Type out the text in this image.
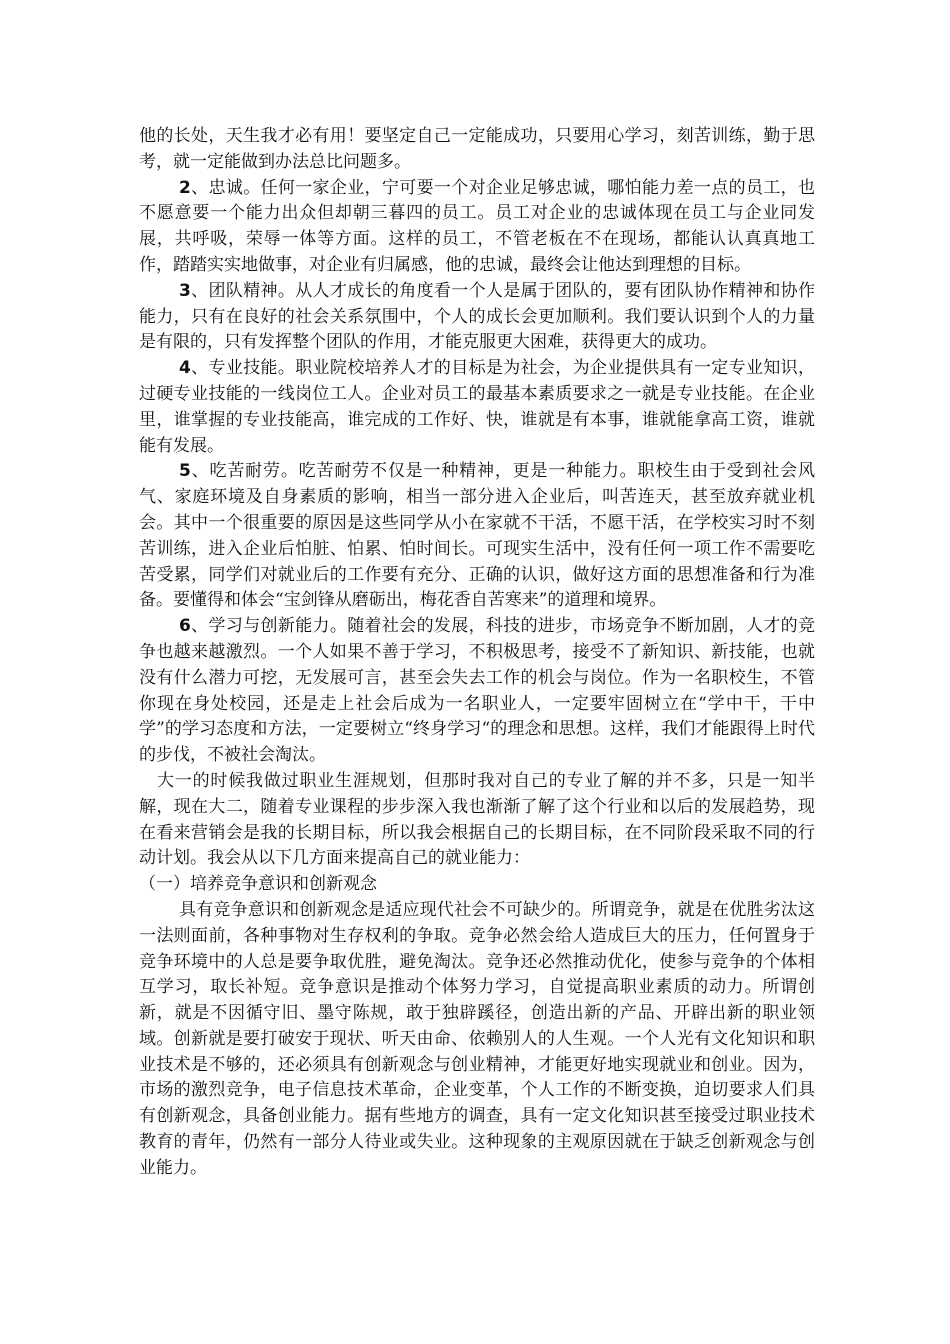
他的长处，天生我才必有用！要坚定自己一定能成功，只要用心学习，刻苦训练，勤于思考，就一定能做到办法总比问题多。

2、忠诚。任何一家企业，宁可要一个对企业足够忠诚，哪怕能力差一点的员工，也不愿意要一个能力出众但却朝三暮四的员工。员工对企业的忠诚体现在员工与企业同发展，共呼吸，荣辱一体等方面。这样的员工，不管老板在不在现场，都能认认真真地工作，踏踏实实地做事，对企业有归属感，他的忠诚，最终会让他达到理想的目标。

3、团队精神。从人才成长的角度看一个人是属于团队的，要有团队协作精神和协作能力，只有在良好的社会关系氛围中，个人的成长会更加顺利。我们要认识到个人的力量是有限的，只有发挥整个团队的作用，才能克服更大困难，获得更大的成功。

4、专业技能。职业院校培养人才的目标是为社会，为企业提供具有一定专业知识，过硬专业技能的一线岗位工人。企业对员工的最基本素质要求之一就是专业技能。在企业里，谁掌握的专业技能高，谁完成的工作好、快，谁就是有本事，谁就能拿高工资，谁就能有发展。

5、吃苦耐劳。吃苦耐劳不仅是一种精神，更是一种能力。职校生由于受到社会风气、家庭环境及自身素质的影响，相当一部分进入企业后，叫苦连天，甚至放弃就业机会。其中一个很重要的原因是这些同学从小在家就不干活，不愿干活，在学校实习时不刻苦训练，进入企业后怕脏、怕累、怕时间长。可现实生活中，没有任何一项工作不需要吃苦受累，同学们对就业后的工作要有充分、正确的认识，做好这方面的思想准备和行为准备。要懂得和体会“宝剑锋从磨砺出，梅花香自苦寒来”的道理和境界。

6、学习与创新能力。随着社会的发展，科技的进步，市场竞争不断加剧，人才的竞争也越来越激烈。一个人如果不善于学习，不积极思考，接受不了新知识、新技能，也就没有什么潜力可挖，无发展可言，甚至会失去工作的机会与岗位。作为一名职校生，不管你现在身处校园，还是走上社会后成为一名职业人，一定要牢固树立在“学中干，干中学”的学习态度和方法，一定要树立“终身学习“的理念和思想。这样，我们才能跟得上时代的步伐，不被社会淘汰。

大一的时候我做过职业生涯规划，但那时我对自己的专业了解的并不多，只是一知半解，现在大二，随着专业课程的步步深入我也渐渐了解了这个行业和以后的发展趋势，现在看来营销会是我的长期目标，所以我会根据自己的长期目标，在不同阶段采取不同的行动计划。我会从以下几方面来提高自己的就业能力：

（一）培养竞争意识和创新观念

具有竞争意识和创新观念是适应现代社会不可缺少的。所谓竞争，就是在优胜劣汰这一法则面前，各种事物对生存权利的争取。竞争必然会给人造成巨大的压力，任何置身于竞争环境中的人总是要争取优胜，避免淘汰。竞争还必然推动优化，使参与竞争的个体相互学习，取长补短。竞争意识是推动个体努力学习，自觉提高职业素质的动力。所谓创新，就是不因循守旧、墨守陈规，敢于独辟蹊径，创造出新的产品、开辟出新的职业领域。创新就是要打破安于现状、听天由命、依赖别人的人生观。一个人光有文化知识和职业技术是不够的，还必须具有创新观念与创业精神，才能更好地实现就业和创业。因为，市场的激烈竞争，电子信息技术革命，企业变革，个人工作的不断变换，迫切要求人们具有创新观念，具备创业能力。据有些地方的调查，具有一定文化知识甚至接受过职业技术教育的青年，仍然有一部分人待业或失业。这种现象的主观原因就在于缺乏创新观念与创业能力。
